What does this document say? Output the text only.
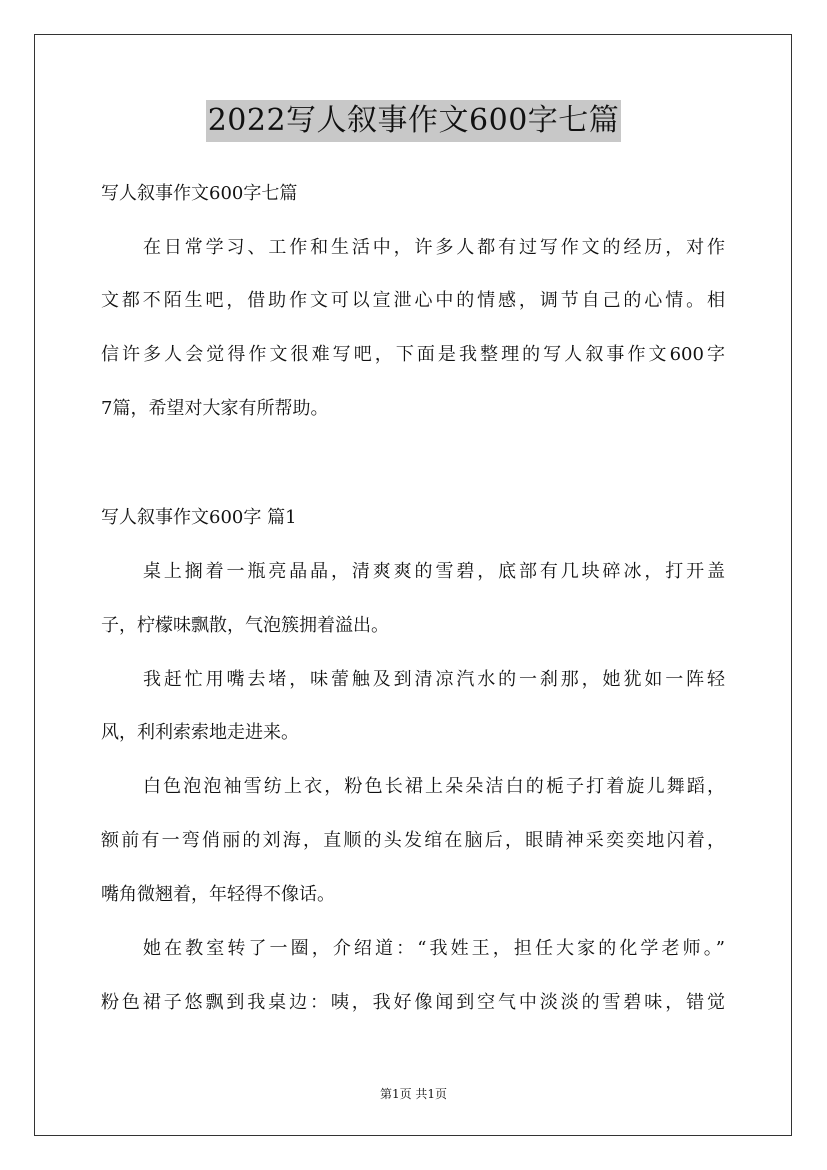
2022写人叙事作文600字七篇
写人叙事作文600字七篇
在日常学习、工作和生活中，许多人都有过写作文的经历，对作
文都不陌生吧，借助作文可以宣泄心中的情感，调节自己的心情。相
信许多人会觉得作文很难写吧，下面是我整理的写人叙事作文600字
7篇，希望对大家有所帮助。
写人叙事作文600字 篇1
桌上搁着一瓶亮晶晶，清爽爽的雪碧，底部有几块碎冰，打开盖
子，柠檬味飘散，气泡簇拥着溢出。
我赶忙用嘴去堵，味蕾触及到清凉汽水的一刹那，她犹如一阵轻
风，利利索索地走进来。
白色泡泡袖雪纺上衣，粉色长裙上朵朵洁白的栀子打着旋儿舞蹈，
额前有一弯俏丽的刘海，直顺的头发绾在脑后，眼睛神采奕奕地闪着，
嘴角微翘着，年轻得不像话。
她在教室转了一圈，介绍道：“我姓王，担任大家的化学老师。”
粉色裙子悠飘到我桌边：咦，我好像闻到空气中淡淡的雪碧味，错觉
第1页 共1页
